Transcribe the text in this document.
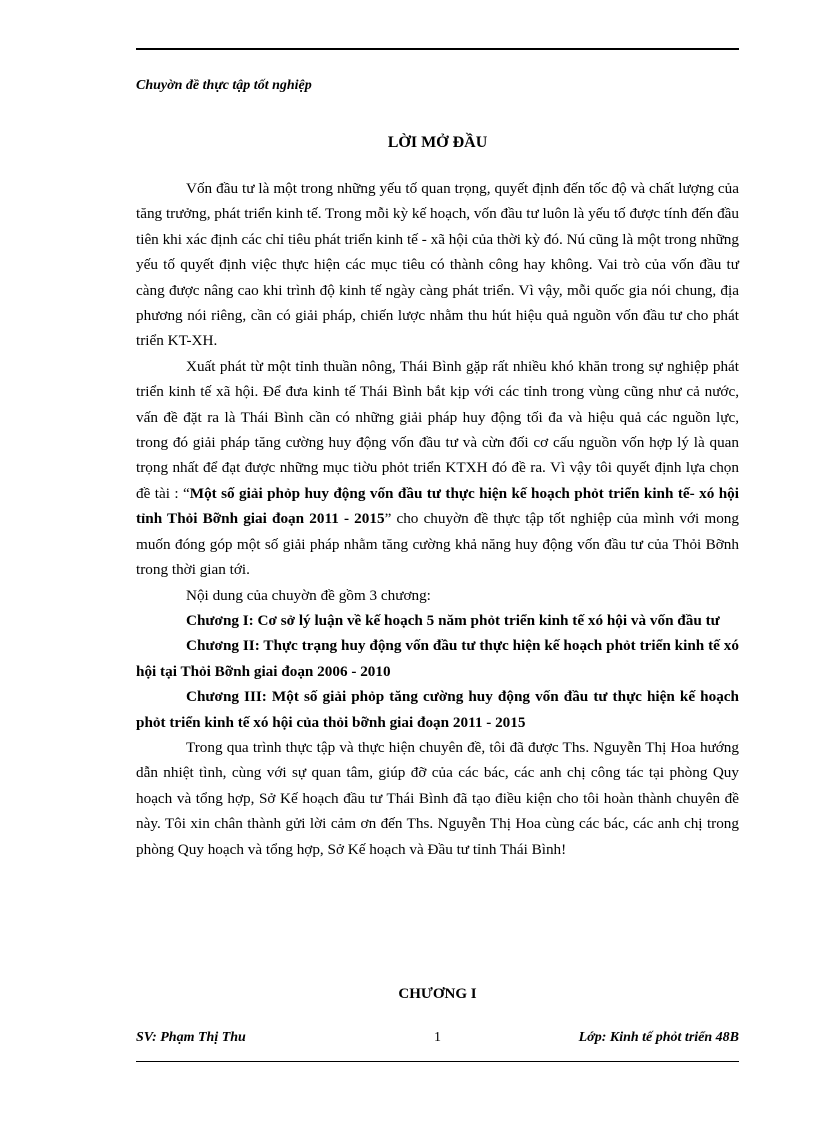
Chuyờn đề thực tập tốt nghiệp
LỜI MỞ ĐẦU

Vốn đầu tư là một trong những yếu tố quan trọng, quyết định đến tốc độ và chất lượng của tăng trưởng, phát triển kinh tế. Trong mỗi kỳ kế hoạch, vốn đầu tư luôn là yếu tố được tính đến đầu tiên khi xác định các chỉ tiêu phát triển kinh tế - xã hội của thời kỳ đó. Nú cũng là một trong những yếu tố quyết định việc thực hiện các mục tiêu có thành công hay không. Vai trò của vốn đầu tư càng được nâng cao khi trình độ kinh tế ngày càng phát triển. Vì vậy, mỗi quốc gia nói chung, địa phương nói riêng, cần có giải pháp, chiến lược nhằm thu hút hiệu quả nguồn vốn đầu tư cho phát triển KT-XH.

Xuất phát từ một tỉnh thuần nông, Thái Bình gặp rất nhiều khó khăn trong sự nghiệp phát triển kinh tế xã hội. Để đưa kinh tế Thái Bình bắt kịp với các tỉnh trong vùng cũng như cả nước, vấn đề đặt ra là Thái Bình cần có những giải pháp huy động tối đa và hiệu quả các nguồn lực, trong đó giải pháp tăng cường huy động vốn đầu tư và cừn đối cơ cấu nguồn vốn hợp lý là quan trọng nhất để đạt được những mục tiờu phỏt triển KTXH đó đề ra. Vì vậy tôi quyết định lựa chọn đề tài : “Một số giải phỏp huy động vốn đầu tư thực hiện kế hoạch phỏt triển kinh tế- xó hội tỉnh Thỏi Bỡnh giai đoạn 2011 - 2015” cho chuyờn đề thực tập tốt nghiệp của mình với mong muốn đóng góp một số giải pháp nhằm tăng cường khả năng huy động vốn đầu tư của Thỏi Bỡnh trong thời gian tới.

Nội dung của chuyờn đề gồm 3 chương:

Chương I: Cơ sở lý luận về kế hoạch 5 năm phỏt triển kinh tế xó hội và vốn đầu tư

Chương II: Thực trạng huy động vốn đầu tư thực hiện kế hoạch phỏt triển kinh tế xó hội tại Thỏi Bỡnh giai đoạn 2006 - 2010

Chương III: Một số giải phỏp tăng cường huy động vốn đầu tư thực hiện kế hoạch phỏt triển kinh tế xó hội của thỏi bỡnh giai đoạn 2011 - 2015

Trong qua trình thực tập và thực hiện chuyên đề, tôi đã được Ths. Nguyễn Thị Hoa hướng dẫn nhiệt tình, cùng với sự quan tâm, giúp đỡ của các bác, các anh chị công tác tại phòng Quy hoạch và tổng hợp, Sở Kế hoạch đầu tư Thái Bình đã tạo điều kiện cho tôi hoàn thành chuyên đề này. Tôi xin chân thành gửi lời cảm ơn đến Ths. Nguyễn Thị Hoa cùng các bác, các anh chị trong phòng Quy hoạch và tổng hợp, Sở Kế hoạch và Đầu tư tỉnh Thái Bình!

CHƯƠNG I
SV: Phạm Thị Thu	1	Lớp: Kinh tế phỏt triển 48B
